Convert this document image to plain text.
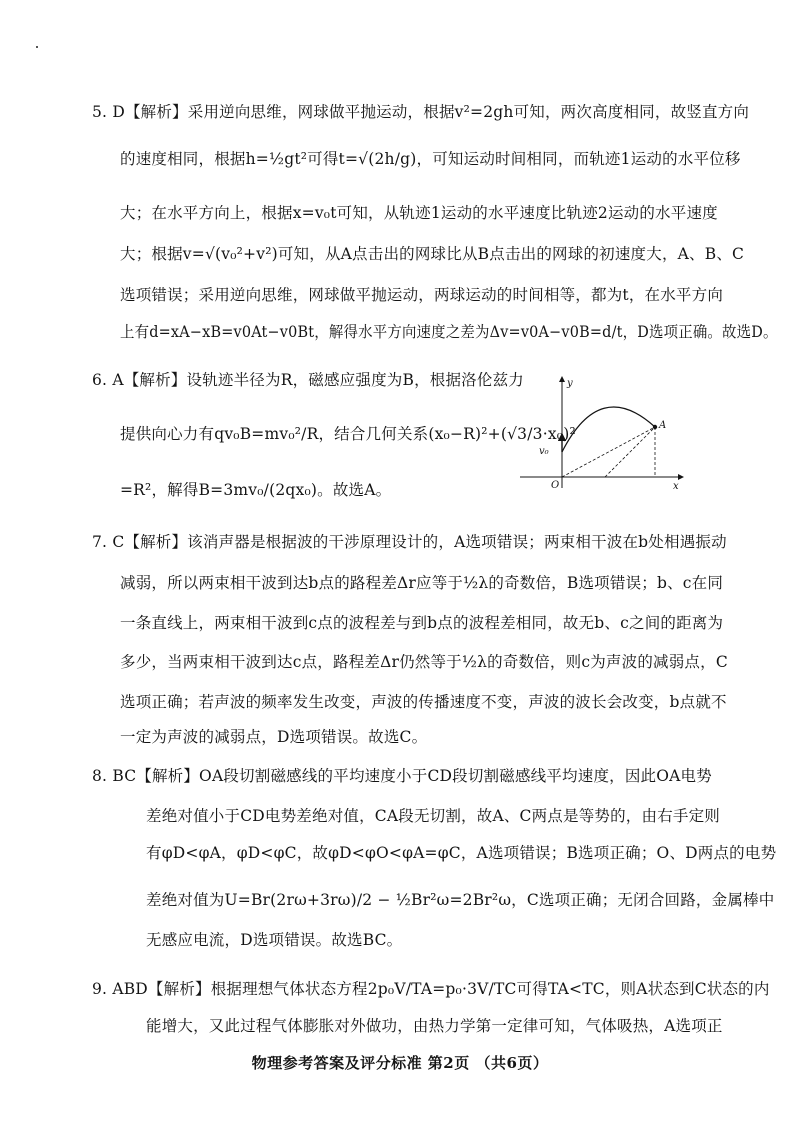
5. D【解析】采用逆向思维，网球做平抛运动，根据v²=2gh可知，两次高度相同，故竖直方向
的速度相同，根据h=½gt²可得t=√(2h/g)，可知运动时间相同，而轨迹1运动的水平位移
大；在水平方向上，根据x=v₀t可知，从轨迹1运动的水平速度比轨迹2运动的水平速度
大；根据v=√(v₀²+v²)可知，从A点击出的网球比从B点击出的网球的初速度大，A、B、C
选项错误；采用逆向思维，网球做平抛运动，两球运动的时间相等，都为t，在水平方向
上有d=xA−xB=v0At−v0Bt，解得水平方向速度之差为Δv=v0A−v0B=d/t，D选项正确。故选D。
6. A【解析】设轨迹半径为R，磁感应强度为B，根据洛伦兹力
提供向心力有qv₀B=mv₀²/R，结合几何关系(x₀−R)²+(√3/3·x₀)²
=R²，解得B=3mv₀/(2qx₀)。故选A。
y
x
O
v₀
A
7. C【解析】该消声器是根据波的干涉原理设计的，A选项错误；两束相干波在b处相遇振动
减弱，所以两束相干波到达b点的路程差Δr应等于½λ的奇数倍，B选项错误；b、c在同
一条直线上，两束相干波到c点的波程差与到b点的波程差相同，故无b、c之间的距离为
多少，当两束相干波到达c点，路程差Δr仍然等于½λ的奇数倍，则c为声波的减弱点，C
选项正确；若声波的频率发生改变，声波的传播速度不变，声波的波长会改变，b点就不
一定为声波的减弱点，D选项错误。故选C。
8. BC【解析】OA段切割磁感线的平均速度小于CD段切割磁感线平均速度，因此OA电势
差绝对值小于CD电势差绝对值，CA段无切割，故A、C两点是等势的，由右手定则
有φD<φA，φD<φC，故φD<φO<φA=φC，A选项错误；B选项正确；O、D两点的电势
差绝对值为U=Br(2rω+3rω)/2 − ½Br²ω=2Br²ω，C选项正确；无闭合回路，金属棒中
无感应电流，D选项错误。故选BC。
9. ABD【解析】根据理想气体状态方程2p₀V/TA=p₀·3V/TC可得TA<TC，则A状态到C状态的内
能增大，又此过程气体膨胀对外做功，由热力学第一定律可知，气体吸热，A选项正
物理参考答案及评分标准 第2页 （共6页）
